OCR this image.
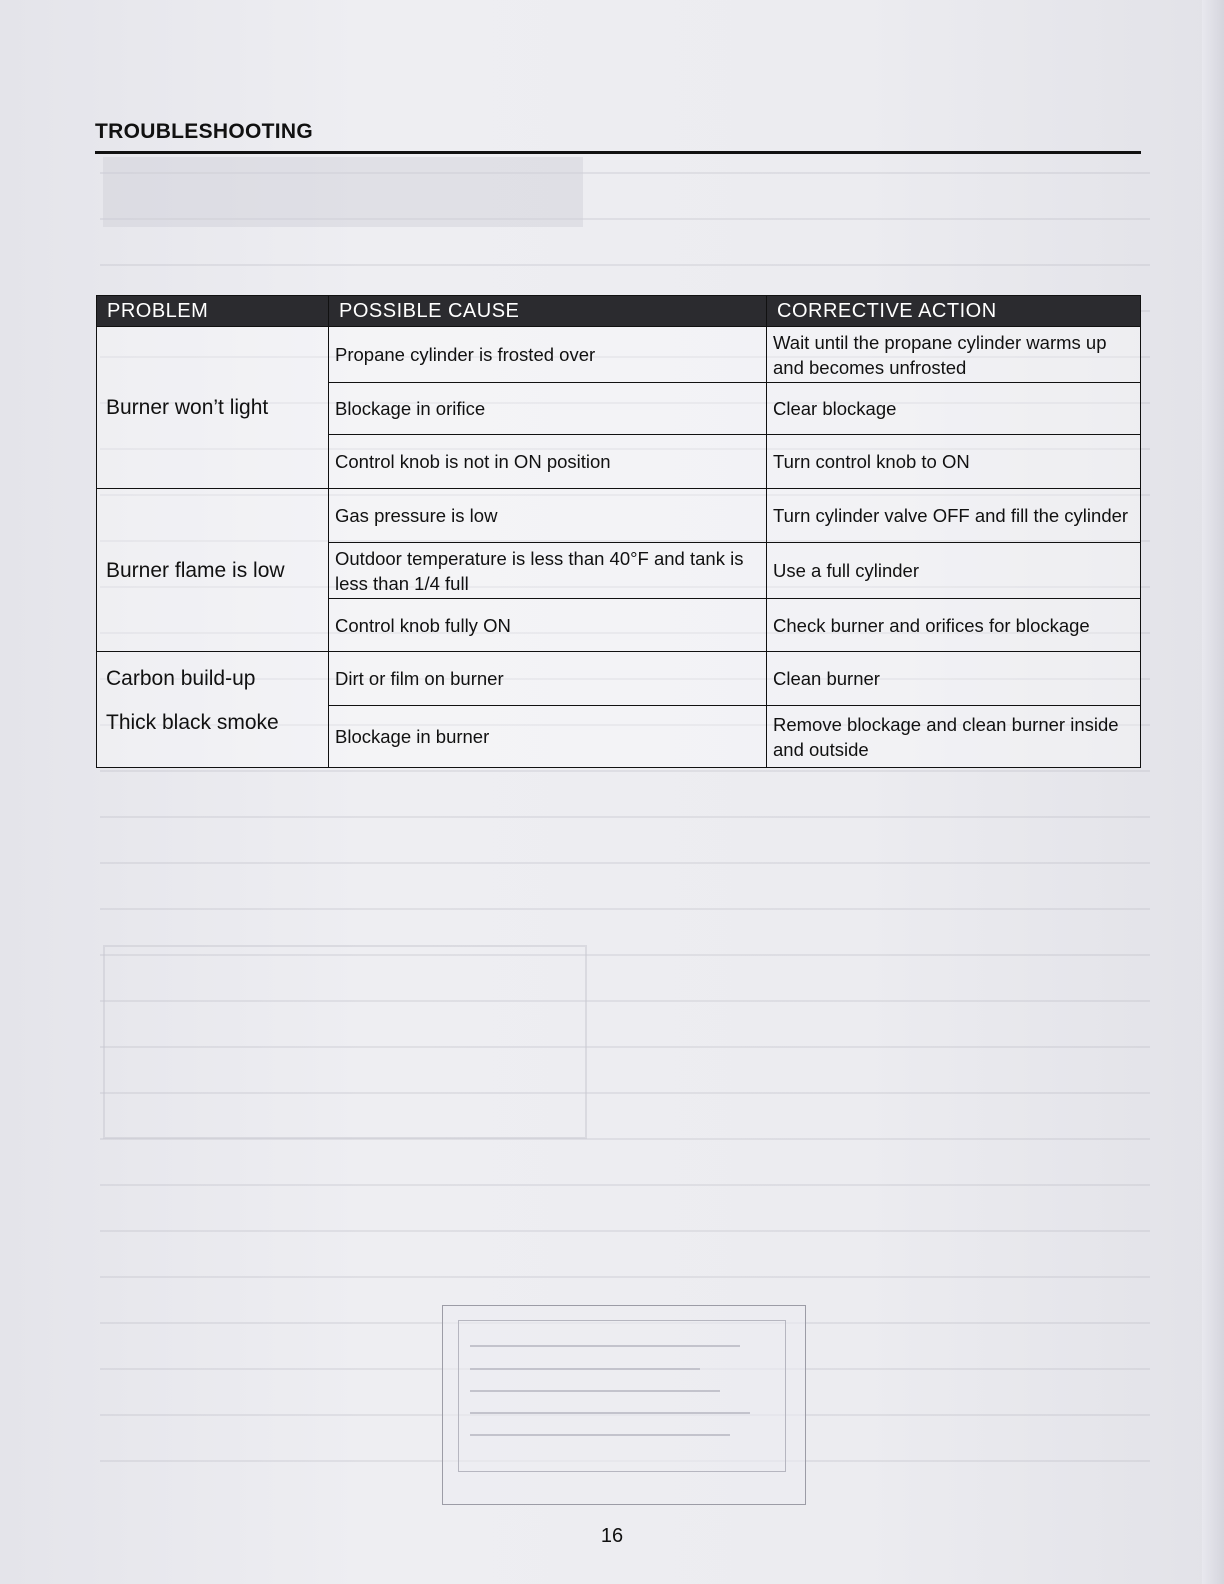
TROUBLESHOOTING
PROBLEM	POSSIBLE CAUSE	CORRECTIVE ACTION
Burner won’t light	Propane cylinder is frosted over	Wait until the propane cylinder warms up and becomes unfrosted
	Blockage in orifice	Clear blockage
	Control knob is not in ON position	Turn control knob to ON
Burner flame is low	Gas pressure is low	Turn cylinder valve OFF and fill the cylinder
	Outdoor temperature is less than 40°F and tank is less than 1/4 full	Use a full cylinder
	Control knob fully ON	Check burner and orifices for blockage
Carbon build-up	Dirt or film on burner	Clean burner
Thick black smoke	Blockage in burner	Remove blockage and clean burner inside and outside
16
